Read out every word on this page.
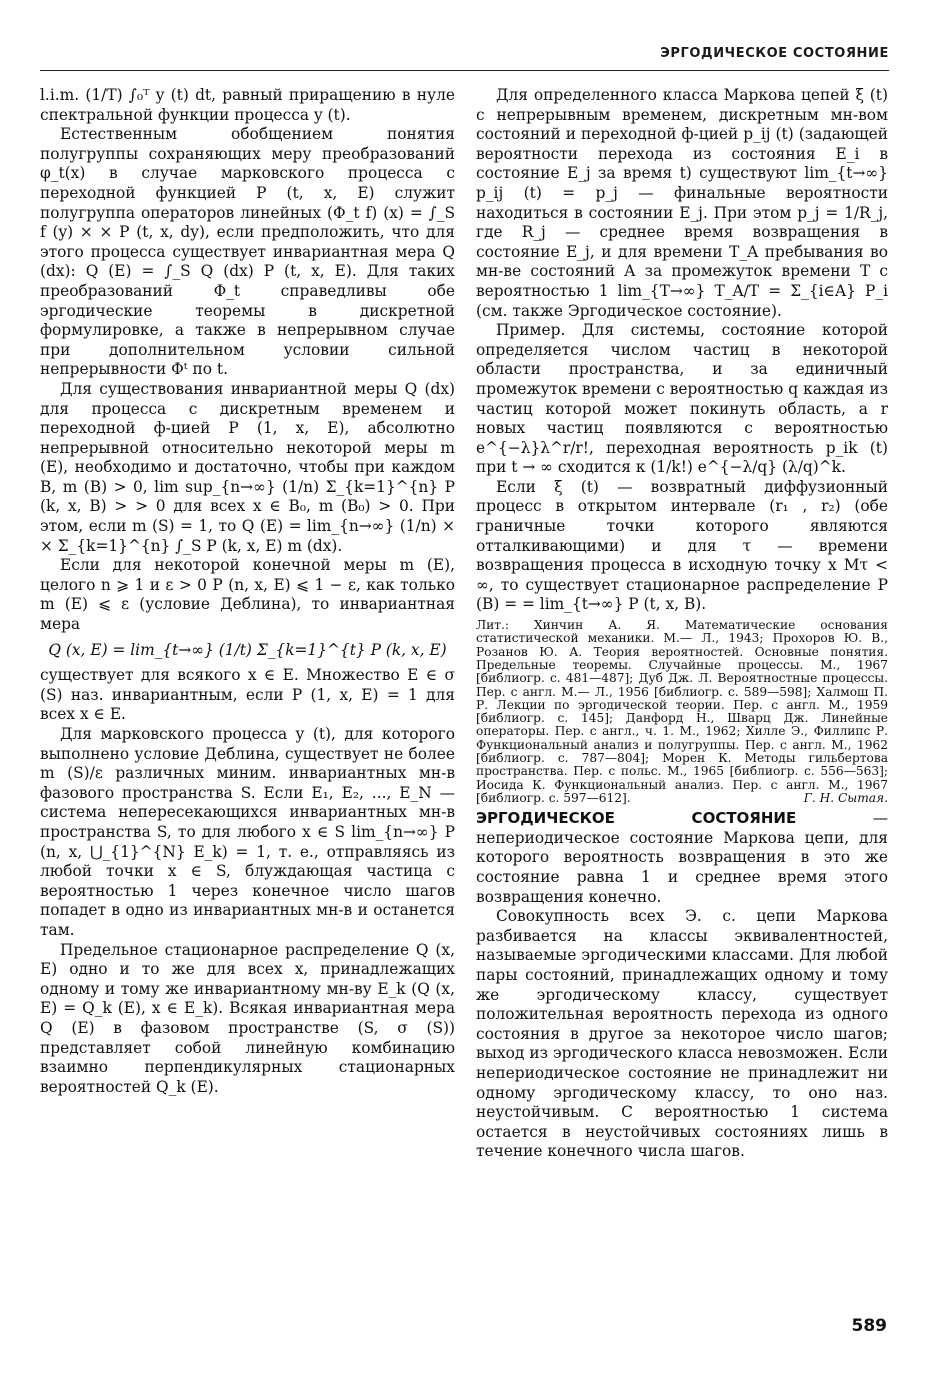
ЭРГОДИЧЕСКОЕ СОСТОЯНИЕ

l.i.m. (1/T) ∫₀ᵀ y (t) dt, равный приращению в нуле спектральной функции процесса y (t).

Естественным обобщением понятия полугруппы сохраняющих меру преобразований φ_t(x) в случае марковского процесса с переходной функцией P (t, x, E) служит полугруппа операторов линейных (Φ_t f) (x) = ∫_S f (y) × × P (t, x, dy), если предположить, что для этого процесса существует инвариантная мера Q (dx): Q (E) = ∫_S Q (dx) P (t, x, E). Для таких преобразований Φ_t справедливы обе эргодические теоремы в дискретной формулировке, а также в непрерывном случае при дополнительном условии сильной непрерывности Φᵗ по t.

Для существования инвариантной меры Q (dx) для процесса с дискретным временем и переходной ф-цией P (1, x, E), абсолютно непрерывной относительно некоторой меры m (E), необходимо и достаточно, чтобы при каждом B, m (B) > 0, lim sup_{n→∞} (1/n) Σ_{k=1}^{n} P (k, x, B) > > 0 для всех x ∈ B₀, m (B₀) > 0. При этом, если m (S) = 1, то Q (E) = lim_{n→∞} (1/n) × × Σ_{k=1}^{n} ∫_S P (k, x, E) m (dx).

Если для некоторой конечной меры m (E), целого n ⩾ 1 и ε > 0 P (n, x, E) ⩽ 1 − ε, как только m (E) ⩽ ε (условие Деблина), то инвариантная мера

Q (x, E) = lim_{t→∞} (1/t) Σ_{k=1}^{t} P (k, x, E)

существует для всякого x ∈ E. Множество E ∈ σ (S) наз. инвариантным, если P (1, x, E) = 1 для всех x ∈ E.

Для марковского процесса y (t), для которого выполнено условие Деблина, существует не более m (S)/ε различных миним. инвариантных мн-в фазового пространства S. Если E₁, E₂, ..., E_N — система непересекающихся инвариантных мн-в пространства S, то для любого x ∈ S lim_{n→∞} P (n, x, ⋃_{1}^{N} E_k) = 1, т. е., отправляясь из любой точки x ∈ S, блуждающая частица с вероятностью 1 через конечное число шагов попадет в одно из инвариантных мн-в и останется там.

Предельное стационарное распределение Q (x, E) одно и то же для всех x, принадлежащих одному и тому же инвариантному мн-ву E_k (Q (x, E) = Q_k (E), x ∈ E_k). Всякая инвариантная мера Q (E) в фазовом пространстве (S, σ (S)) представляет собой линейную комбинацию взаимно перпендикулярных стационарных вероятностей Q_k (E).

Для определенного класса Маркова цепей ξ (t) с непрерывным временем, дискретным мн-вом состояний и переходной ф-цией p_ij (t) (задающей вероятности перехода из состояния E_i в состояние E_j за время t) существуют lim_{t→∞} p_ij (t) = p_j — финальные вероятности находиться в состоянии E_j. При этом p_j = 1/R_j, где R_j — среднее время возвращения в состояние E_j, и для времени T_A пребывания во мн-ве состояний A за промежуток времени T с вероятностью 1 lim_{T→∞} T_A/T = Σ_{i∈A} P_i (см. также Эргодическое состояние).

Пример. Для системы, состояние которой определяется числом частиц в некоторой области пространства, и за единичный промежуток времени с вероятностью q каждая из частиц которой может покинуть область, а r новых частиц появляются с вероятностью e^{−λ}λ^r/r!, переходная вероятность p_ik (t) при t → ∞ сходится к (1/k!) e^{−λ/q} (λ/q)^k.

Если ξ (t) — возвратный диффузионный процесс в открытом интервале (r₁ , r₂) (обе граничные точки которого являются отталкивающими) и для τ — времени возвращения процесса в исходную точку x Mτ < ∞, то существует стационарное распределение P (B) = = lim_{t→∞} P (t, x, B).

Лит.: Хинчин А. Я. Математические основания статистической механики. М.— Л., 1943; Прохоров Ю. В., Розанов Ю. А. Теория вероятностей. Основные понятия. Предельные теоремы. Случайные процессы. М., 1967 [библиогр. с. 481—487]; Дуб Дж. Л. Вероятностные процессы. Пер. с англ. М.— Л., 1956 [библиогр. с. 589—598]; Халмош П. Р. Лекции по эргодической теории. Пер. с англ. М., 1959 [библиогр. с. 145]; Данфорд Н., Шварц Дж. Линейные операторы. Пер. с англ., ч. 1. М., 1962; Хилле Э., Филлипс Р. Функциональный анализ и полугруппы. Пер. с англ. М., 1962 [библиогр. с. 787—804]; Морен К. Методы гильбертова пространства. Пер. с польс. М., 1965 [библиогр. с. 556—563]; Иосида К. Функциональный анализ. Пер. с англ. М., 1967 [библиогр. с. 597—612].	Г. Н. Сытая.

ЭРГОДИЧЕСКОЕ СОСТОЯНИЕ — непериодическое состояние Маркова цепи, для которого вероятность возвращения в это же состояние равна 1 и среднее время этого возвращения конечно.

Совокупность всех Э. с. цепи Маркова разбивается на классы эквивалентностей, называемые эргодическими классами. Для любой пары состояний, принадлежащих одному и тому же эргодическому классу, существует положительная вероятность перехода из одного состояния в другое за некоторое число шагов; выход из эргодического класса невозможен. Если непериодическое состояние не принадлежит ни одному эргодическому классу, то оно наз. неустойчивым. С вероятностью 1 система остается в неустойчивых состояниях лишь в течение конечного числа шагов.

589
